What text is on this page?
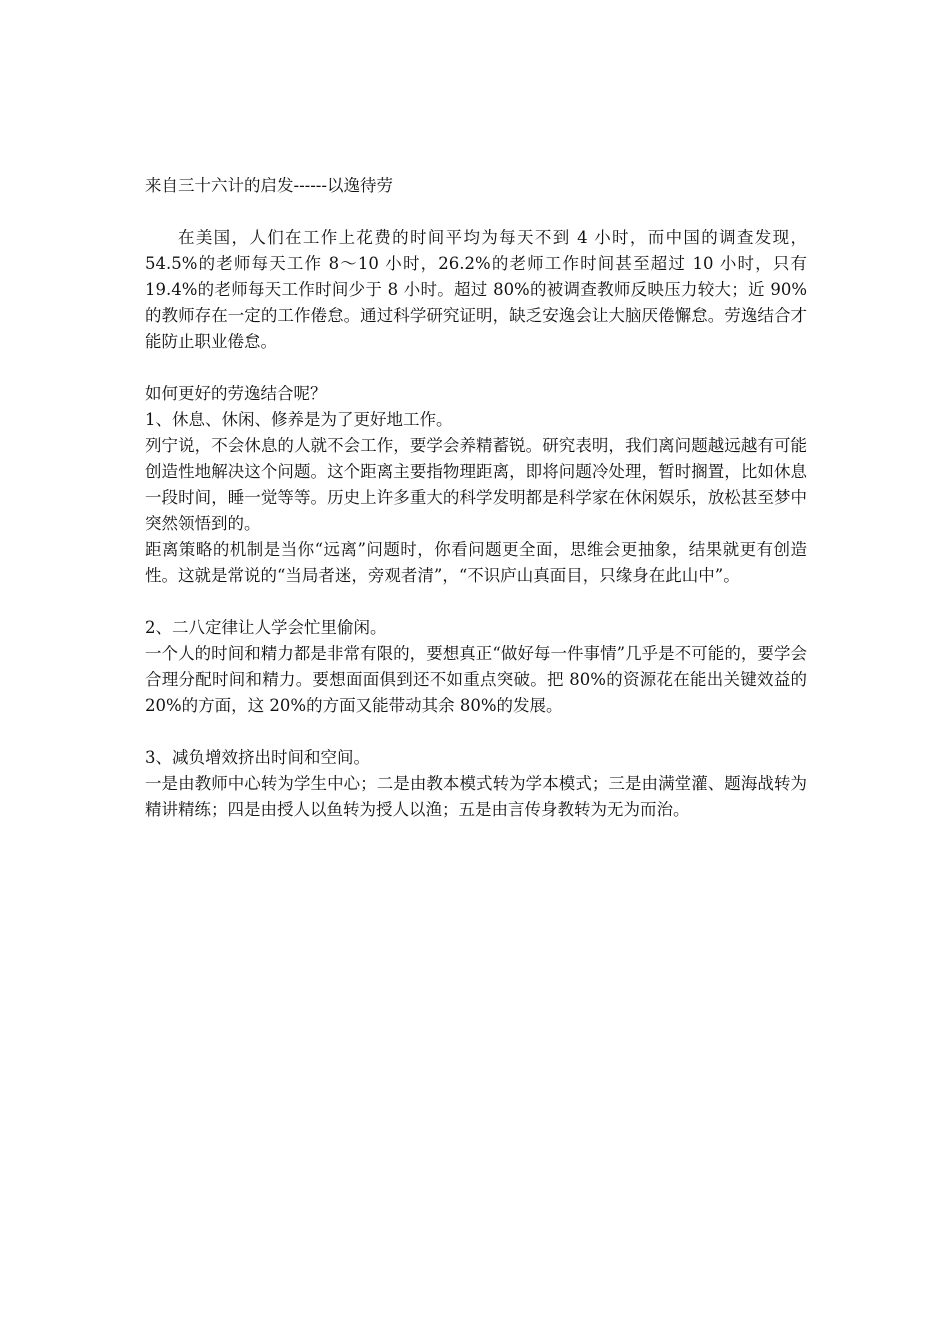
来自三十六计的启发------以逸待劳

在美国，人们在工作上花费的时间平均为每天不到 4 小时，而中国的调查发现，54.5%的老师每天工作 8～10 小时，26.2%的老师工作时间甚至超过 10 小时，只有 19.4%的老师每天工作时间少于 8 小时。超过 80%的被调查教师反映压力较大；近 90%的教师存在一定的工作倦怠。通过科学研究证明，缺乏安逸会让大脑厌倦懈怠。劳逸结合才能防止职业倦怠。

如何更好的劳逸结合呢？

1、休息、休闲、修养是为了更好地工作。

列宁说，不会休息的人就不会工作，要学会养精蓄锐。研究表明，我们离问题越远越有可能创造性地解决这个问题。这个距离主要指物理距离，即将问题冷处理，暂时搁置，比如休息一段时间，睡一觉等等。历史上许多重大的科学发明都是科学家在休闲娱乐，放松甚至梦中突然领悟到的。

距离策略的机制是当你“远离”问题时，你看问题更全面，思维会更抽象，结果就更有创造性。这就是常说的“当局者迷，旁观者清”，“不识庐山真面目，只缘身在此山中”。

2、二八定律让人学会忙里偷闲。

一个人的时间和精力都是非常有限的，要想真正“做好每一件事情”几乎是不可能的，要学会合理分配时间和精力。要想面面俱到还不如重点突破。把 80%的资源花在能出关键效益的 20%的方面，这 20%的方面又能带动其余 80%的发展。

3、减负增效挤出时间和空间。

一是由教师中心转为学生中心；二是由教本模式转为学本模式；三是由满堂灌、题海战转为精讲精练；四是由授人以鱼转为授人以渔；五是由言传身教转为无为而治。
